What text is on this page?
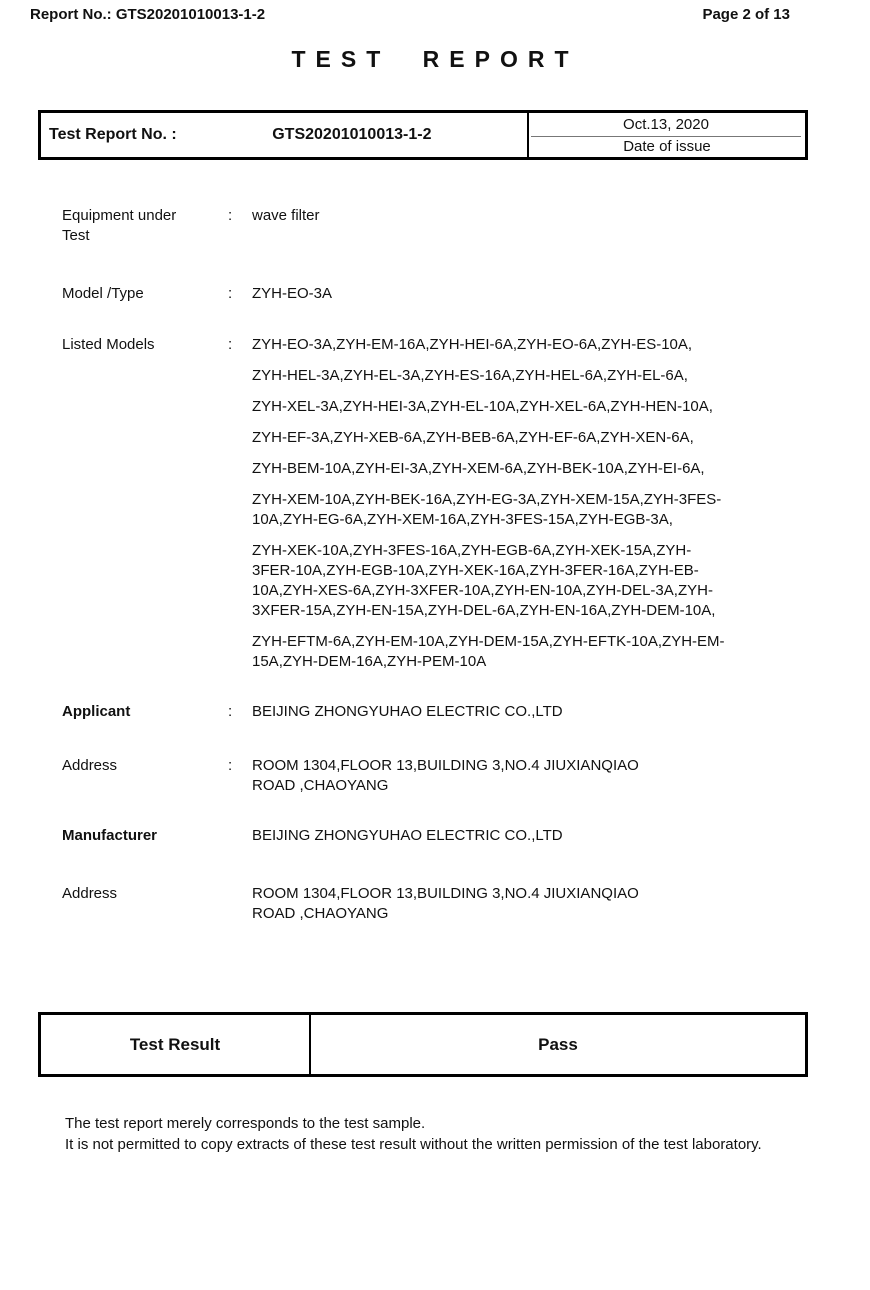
Report No.: GTS20201010013-1-2	Page 2 of 13
TEST REPORT
Test Report No. :	GTS20201010013-1-2
Oct.13, 2020
Date of issue
Equipment under
Test
:	wave filter
Model /Type	:	ZYH-EO-3A
Listed Models	:	ZYH-EO-3A,ZYH-EM-16A,ZYH-HEI-6A,ZYH-EO-6A,ZYH-ES-10A,
ZYH-HEL-3A,ZYH-EL-3A,ZYH-ES-16A,ZYH-HEL-6A,ZYH-EL-6A,
ZYH-XEL-3A,ZYH-HEI-3A,ZYH-EL-10A,ZYH-XEL-6A,ZYH-HEN-10A,
ZYH-EF-3A,ZYH-XEB-6A,ZYH-BEB-6A,ZYH-EF-6A,ZYH-XEN-6A,
ZYH-BEM-10A,ZYH-EI-3A,ZYH-XEM-6A,ZYH-BEK-10A,ZYH-EI-6A,
ZYH-XEM-10A,ZYH-BEK-16A,ZYH-EG-3A,ZYH-XEM-15A,ZYH-3FES-
10A,ZYH-EG-6A,ZYH-XEM-16A,ZYH-3FES-15A,ZYH-EGB-3A,
ZYH-XEK-10A,ZYH-3FES-16A,ZYH-EGB-6A,ZYH-XEK-15A,ZYH-
3FER-10A,ZYH-EGB-10A,ZYH-XEK-16A,ZYH-3FER-16A,ZYH-EB-
10A,ZYH-XES-6A,ZYH-3XFER-10A,ZYH-EN-10A,ZYH-DEL-3A,ZYH-
3XFER-15A,ZYH-EN-15A,ZYH-DEL-6A,ZYH-EN-16A,ZYH-DEM-10A,
ZYH-EFTM-6A,ZYH-EM-10A,ZYH-DEM-15A,ZYH-EFTK-10A,ZYH-EM-
15A,ZYH-DEM-16A,ZYH-PEM-10A
Applicant	:	BEIJING ZHONGYUHAO ELECTRIC CO.,LTD
Address	:	ROOM 1304,FLOOR 13,BUILDING 3,NO.4 JIUXIANQIAO
ROAD ,CHAOYANG
Manufacturer	BEIJING ZHONGYUHAO ELECTRIC CO.,LTD
Address	ROOM 1304,FLOOR 13,BUILDING 3,NO.4 JIUXIANQIAO
ROAD ,CHAOYANG
Test Result	Pass
The test report merely corresponds to the test sample.
It is not permitted to copy extracts of these test result without the written permission of the test laboratory.
